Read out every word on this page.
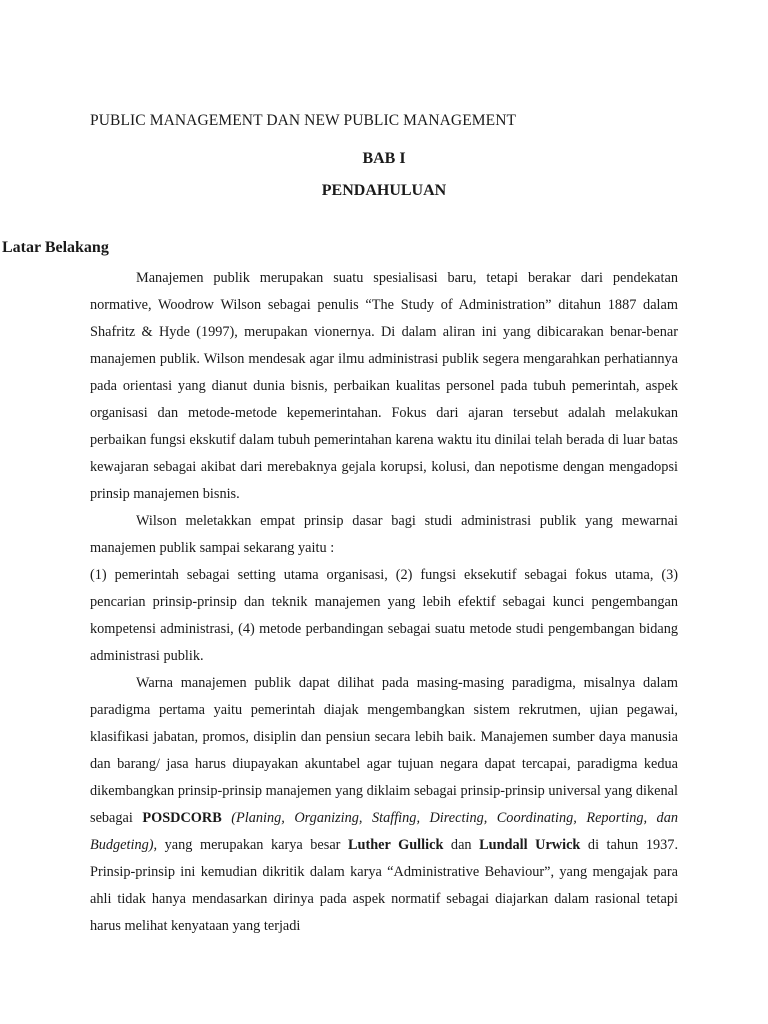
PUBLIC MANAGEMENT DAN NEW PUBLIC MANAGEMENT
BAB I
PENDAHULUAN
Latar Belakang

Manajemen publik merupakan suatu spesialisasi baru, tetapi berakar dari pendekatan normative, Woodrow Wilson sebagai penulis “The Study of Administration” ditahun 1887 dalam Shafritz & Hyde (1997), merupakan vionernya. Di dalam aliran ini yang dibicarakan benar-benar manajemen publik. Wilson mendesak agar ilmu administrasi publik segera mengarahkan perhatiannya pada orientasi yang dianut dunia bisnis, perbaikan kualitas personel pada tubuh pemerintah, aspek organisasi dan metode-metode kepemerintahan. Fokus dari ajaran tersebut adalah melakukan perbaikan fungsi ekskutif dalam tubuh pemerintahan karena waktu itu dinilai telah berada di luar batas kewajaran sebagai akibat dari merebaknya gejala korupsi, kolusi, dan nepotisme dengan mengadopsi prinsip manajemen bisnis.

Wilson meletakkan empat prinsip dasar bagi studi administrasi publik yang mewarnai manajemen publik sampai sekarang yaitu :

(1) pemerintah sebagai setting utama organisasi, (2) fungsi eksekutif sebagai fokus utama, (3) pencarian prinsip-prinsip dan teknik manajemen yang lebih efektif sebagai kunci pengembangan kompetensi administrasi, (4) metode perbandingan sebagai suatu metode studi pengembangan bidang administrasi publik.

Warna manajemen publik dapat dilihat pada masing-masing paradigma, misalnya dalam paradigma pertama yaitu pemerintah diajak mengembangkan sistem rekrutmen, ujian pegawai, klasifikasi jabatan, promos, disiplin dan pensiun secara lebih baik. Manajemen sumber daya manusia dan barang/ jasa harus diupayakan akuntabel agar tujuan negara dapat tercapai, paradigma kedua dikembangkan prinsip-prinsip manajemen yang diklaim sebagai prinsip-prinsip universal yang dikenal sebagai POSDCORB (Planing, Organizing, Staffing, Directing, Coordinating, Reporting, dan Budgeting), yang merupakan karya besar Luther Gullick dan Lundall Urwick di tahun 1937. Prinsip-prinsip ini kemudian dikritik dalam karya “Administrative Behaviour”, yang mengajak para ahli tidak hanya mendasarkan dirinya pada aspek normatif sebagai diajarkan dalam rasional tetapi harus melihat kenyataan yang terjadi
